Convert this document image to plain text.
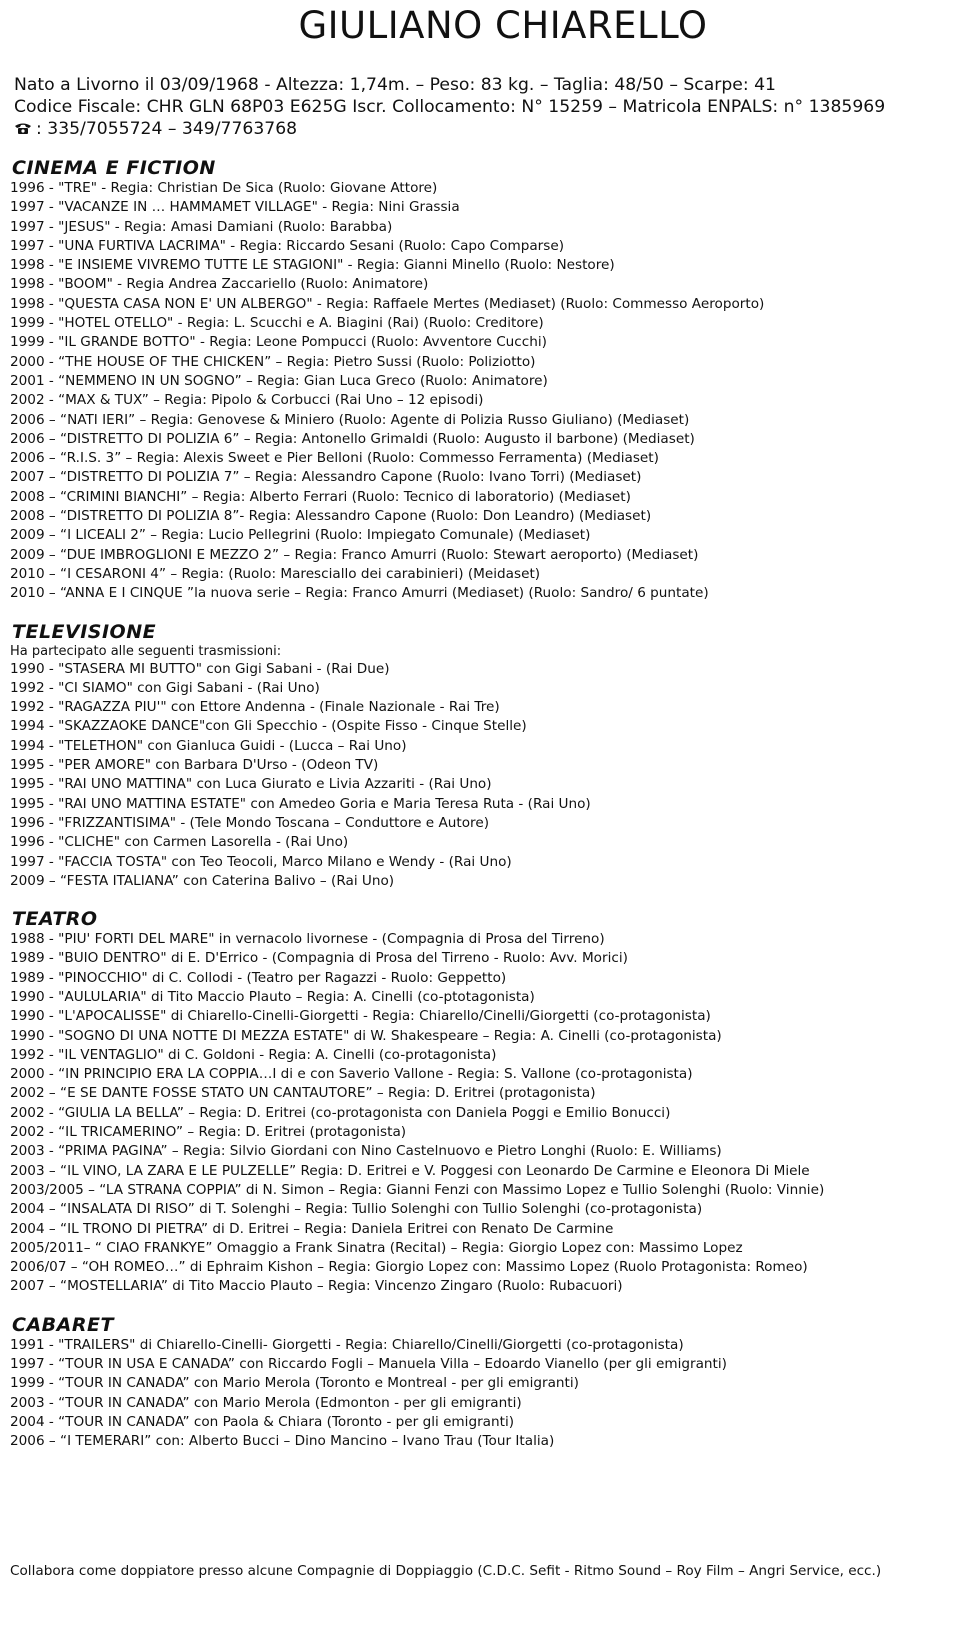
GIULIANO CHIARELLO
Nato a Livorno il 03/09/1968 - Altezza: 1,74m. – Peso: 83 kg. – Taglia: 48/50 – Scarpe: 41
Codice Fiscale: CHR GLN 68P03 E625G Iscr. Collocamento: N° 15259 – Matricola ENPALS: n° 1385969
: 335/7055724 – 349/7763768
CINEMA E FICTION
1996 - "TRE" - Regia: Christian De Sica (Ruolo: Giovane Attore)
1997 - "VACANZE IN … HAMMAMET VILLAGE" - Regia: Nini Grassia
1997 - "JESUS" - Regia: Amasi Damiani (Ruolo: Barabba)
1997 - "UNA FURTIVA LACRIMA" - Regia: Riccardo Sesani (Ruolo: Capo Comparse)
1998 - "E INSIEME VIVREMO TUTTE LE STAGIONI" - Regia: Gianni Minello (Ruolo: Nestore)
1998 - "BOOM" - Regia Andrea Zaccariello (Ruolo: Animatore)
1998 - "QUESTA CASA NON E' UN ALBERGO" - Regia: Raffaele Mertes (Mediaset) (Ruolo: Commesso Aeroporto)
1999 - "HOTEL OTELLO" - Regia: L. Scucchi e A. Biagini (Rai) (Ruolo: Creditore)
1999 - "IL GRANDE BOTTO" - Regia: Leone Pompucci (Ruolo: Avventore Cucchi)
2000 - “THE HOUSE OF THE CHICKEN” – Regia: Pietro Sussi (Ruolo: Poliziotto)
2001 - “NEMMENO IN UN SOGNO” – Regia: Gian Luca Greco (Ruolo: Animatore)
2002 - “MAX & TUX” – Regia: Pipolo & Corbucci (Rai Uno – 12 episodi)
2006 – “NATI IERI” – Regia: Genovese & Miniero (Ruolo: Agente di Polizia Russo Giuliano) (Mediaset)
2006 – “DISTRETTO DI POLIZIA 6” – Regia: Antonello Grimaldi (Ruolo: Augusto il barbone) (Mediaset)
2006 – “R.I.S. 3” – Regia: Alexis Sweet e Pier Belloni (Ruolo: Commesso Ferramenta) (Mediaset)
2007 – “DISTRETTO DI POLIZIA 7” – Regia: Alessandro Capone (Ruolo: Ivano Torri) (Mediaset)
2008 – “CRIMINI BIANCHI” – Regia: Alberto Ferrari (Ruolo: Tecnico di laboratorio) (Mediaset)
2008 – “DISTRETTO DI POLIZIA 8”- Regia: Alessandro Capone (Ruolo: Don Leandro) (Mediaset)
2009 – “I LICEALI 2” – Regia: Lucio Pellegrini (Ruolo: Impiegato Comunale) (Mediaset)
2009 – “DUE IMBROGLIONI E MEZZO 2” – Regia: Franco Amurri (Ruolo: Stewart aeroporto) (Mediaset)
2010 – “I CESARONI 4” – Regia: (Ruolo: Maresciallo dei carabinieri) (Meidaset)
2010 – “ANNA E I CINQUE ”la nuova serie – Regia: Franco Amurri (Mediaset) (Ruolo: Sandro/ 6 puntate)
TELEVISIONE
Ha partecipato alle seguenti trasmissioni:
1990 - "STASERA MI BUTTO" con Gigi Sabani - (Rai Due)
1992 - "CI SIAMO" con Gigi Sabani - (Rai Uno)
1992 - "RAGAZZA PIU'" con Ettore Andenna - (Finale Nazionale - Rai Tre)
1994 - "SKAZZAOKE DANCE"con Gli Specchio - (Ospite Fisso - Cinque Stelle)
1994 - "TELETHON" con Gianluca Guidi - (Lucca – Rai Uno)
1995 - "PER AMORE" con Barbara D'Urso - (Odeon TV)
1995 - "RAI UNO MATTINA" con Luca Giurato e Livia Azzariti - (Rai Uno)
1995 - "RAI UNO MATTINA ESTATE" con Amedeo Goria e Maria Teresa Ruta - (Rai Uno)
1996 - "FRIZZANTISIMA" - (Tele Mondo Toscana – Conduttore e Autore)
1996 - "CLICHE" con Carmen Lasorella - (Rai Uno)
1997 - "FACCIA TOSTA" con Teo Teocoli, Marco Milano e Wendy - (Rai Uno)
2009 – “FESTA ITALIANA” con Caterina Balivo – (Rai Uno)
TEATRO
1988 - "PIU' FORTI DEL MARE" in vernacolo livornese - (Compagnia di Prosa del Tirreno)
1989 - "BUIO DENTRO" di E. D'Errico - (Compagnia di Prosa del Tirreno - Ruolo: Avv. Morici)
1989 - "PINOCCHIO" di C. Collodi - (Teatro per Ragazzi - Ruolo: Geppetto)
1990 - "AULULARIA" di Tito Maccio Plauto – Regia: A. Cinelli (co-ptotagonista)
1990 - "L'APOCALISSE" di Chiarello-Cinelli-Giorgetti - Regia: Chiarello/Cinelli/Giorgetti (co-protagonista)
1990 - "SOGNO DI UNA NOTTE DI MEZZA ESTATE" di W. Shakespeare – Regia: A. Cinelli (co-protagonista)
1992 - "IL VENTAGLIO" di C. Goldoni - Regia: A. Cinelli (co-protagonista)
2000 - “IN PRINCIPIO ERA LA COPPIA…I di e con Saverio Vallone - Regia: S. Vallone (co-protagonista)
2002 – “E SE DANTE FOSSE STATO UN CANTAUTORE” – Regia: D. Eritrei (protagonista)
2002 - “GIULIA LA BELLA” – Regia: D. Eritrei (co-protagonista con Daniela Poggi e Emilio Bonucci)
2002 - “IL TRICAMERINO” – Regia: D. Eritrei (protagonista)
2003 - “PRIMA PAGINA” – Regia: Silvio Giordani con Nino Castelnuovo e Pietro Longhi (Ruolo: E. Williams)
2003 – “IL VINO, LA ZARA E LE PULZELLE” Regia: D. Eritrei e V. Poggesi con Leonardo De Carmine e Eleonora Di Miele
2003/2005 – “LA STRANA COPPIA” di N. Simon – Regia: Gianni Fenzi con Massimo Lopez e Tullio Solenghi (Ruolo: Vinnie)
2004 – “INSALATA DI RISO” di T. Solenghi – Regia: Tullio Solenghi con Tullio Solenghi (co-protagonista)
2004 – “IL TRONO DI PIETRA” di D. Eritrei – Regia: Daniela Eritrei con Renato De Carmine
2005/2011– “ CIAO FRANKYE” Omaggio a Frank Sinatra (Recital) – Regia: Giorgio Lopez con: Massimo Lopez
2006/07 – “OH ROMEO…” di Ephraim Kishon – Regia: Giorgio Lopez con: Massimo Lopez (Ruolo Protagonista: Romeo)
2007 – “MOSTELLARIA” di Tito Maccio Plauto – Regia: Vincenzo Zingaro (Ruolo: Rubacuori)
CABARET
1991 - "TRAILERS" di Chiarello-Cinelli- Giorgetti - Regia: Chiarello/Cinelli/Giorgetti (co-protagonista)
1997 - “TOUR IN USA E CANADA” con Riccardo Fogli – Manuela Villa – Edoardo Vianello (per gli emigranti)
1999 - “TOUR IN CANADA” con Mario Merola (Toronto e Montreal - per gli emigranti)
2003 - “TOUR IN CANADA” con Mario Merola (Edmonton - per gli emigranti)
2004 - “TOUR IN CANADA” con Paola & Chiara (Toronto - per gli emigranti)
2006 – “I TEMERARI” con: Alberto Bucci – Dino Mancino – Ivano Trau (Tour Italia)
Collabora come doppiatore presso alcune Compagnie di Doppiaggio (C.D.C. Sefit - Ritmo Sound – Roy Film – Angri Service, ecc.)
